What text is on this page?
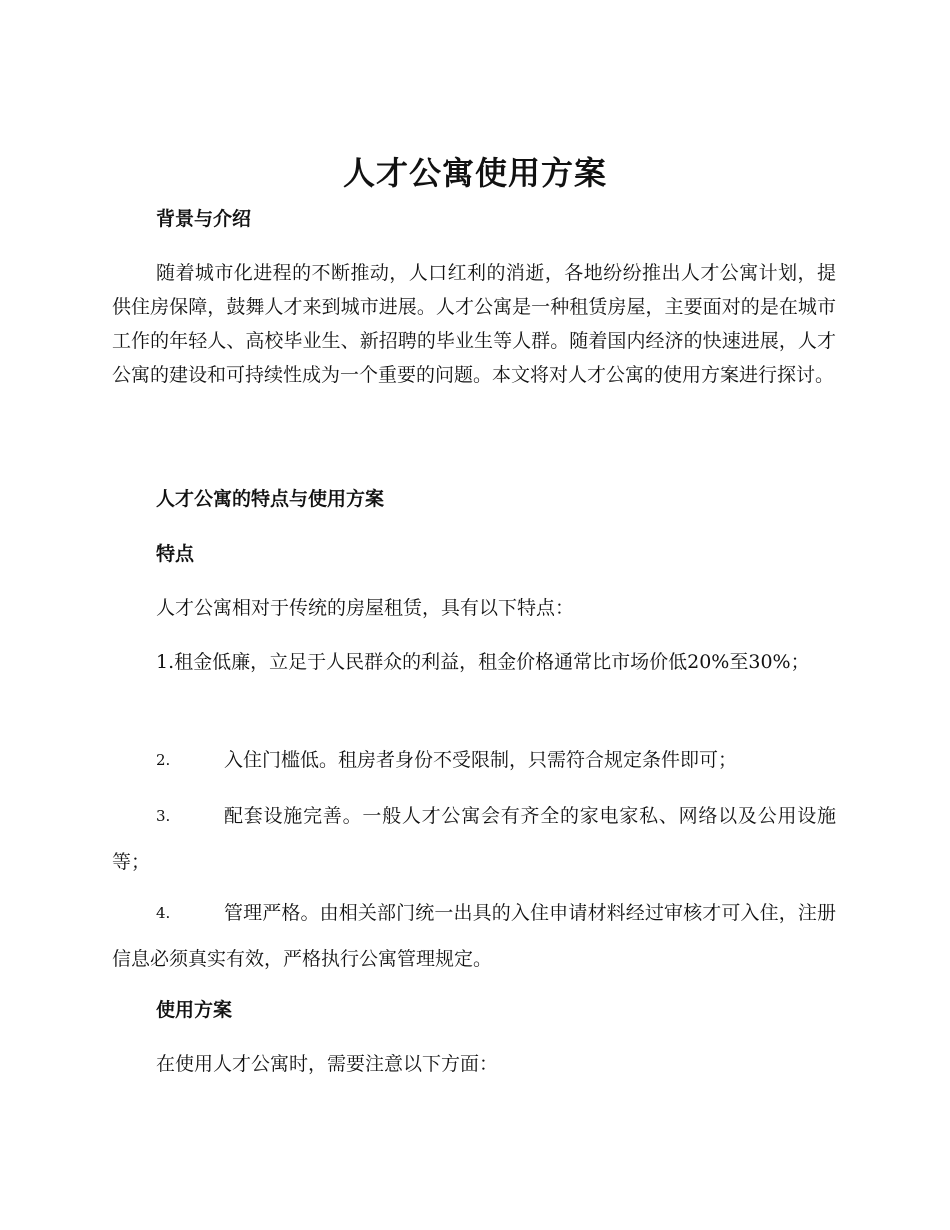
人才公寓使用方案
背景与介绍
随着城市化进程的不断推动，人口红利的消逝，各地纷纷推出人才公寓计划，提供住房保障，鼓舞人才来到城市进展。人才公寓是一种租赁房屋，主要面对的是在城市工作的年轻人、高校毕业生、新招聘的毕业生等人群。随着国内经济的快速进展，人才公寓的建设和可持续性成为一个重要的问题。本文将对人才公寓的使用方案进行探讨。
人才公寓的特点与使用方案
特点
人才公寓相对于传统的房屋租赁，具有以下特点：
1.租金低廉，立足于人民群众的利益，租金价格通常比市场价低20%至30%；
2.	入住门槛低。租房者身份不受限制，只需符合规定条件即可；
3.	配套设施完善。一般人才公寓会有齐全的家电家私、网络以及公用设施等；
4.	管理严格。由相关部门统一出具的入住申请材料经过审核才可入住，注册信息必须真实有效，严格执行公寓管理规定。
使用方案
在使用人才公寓时，需要注意以下方面：
